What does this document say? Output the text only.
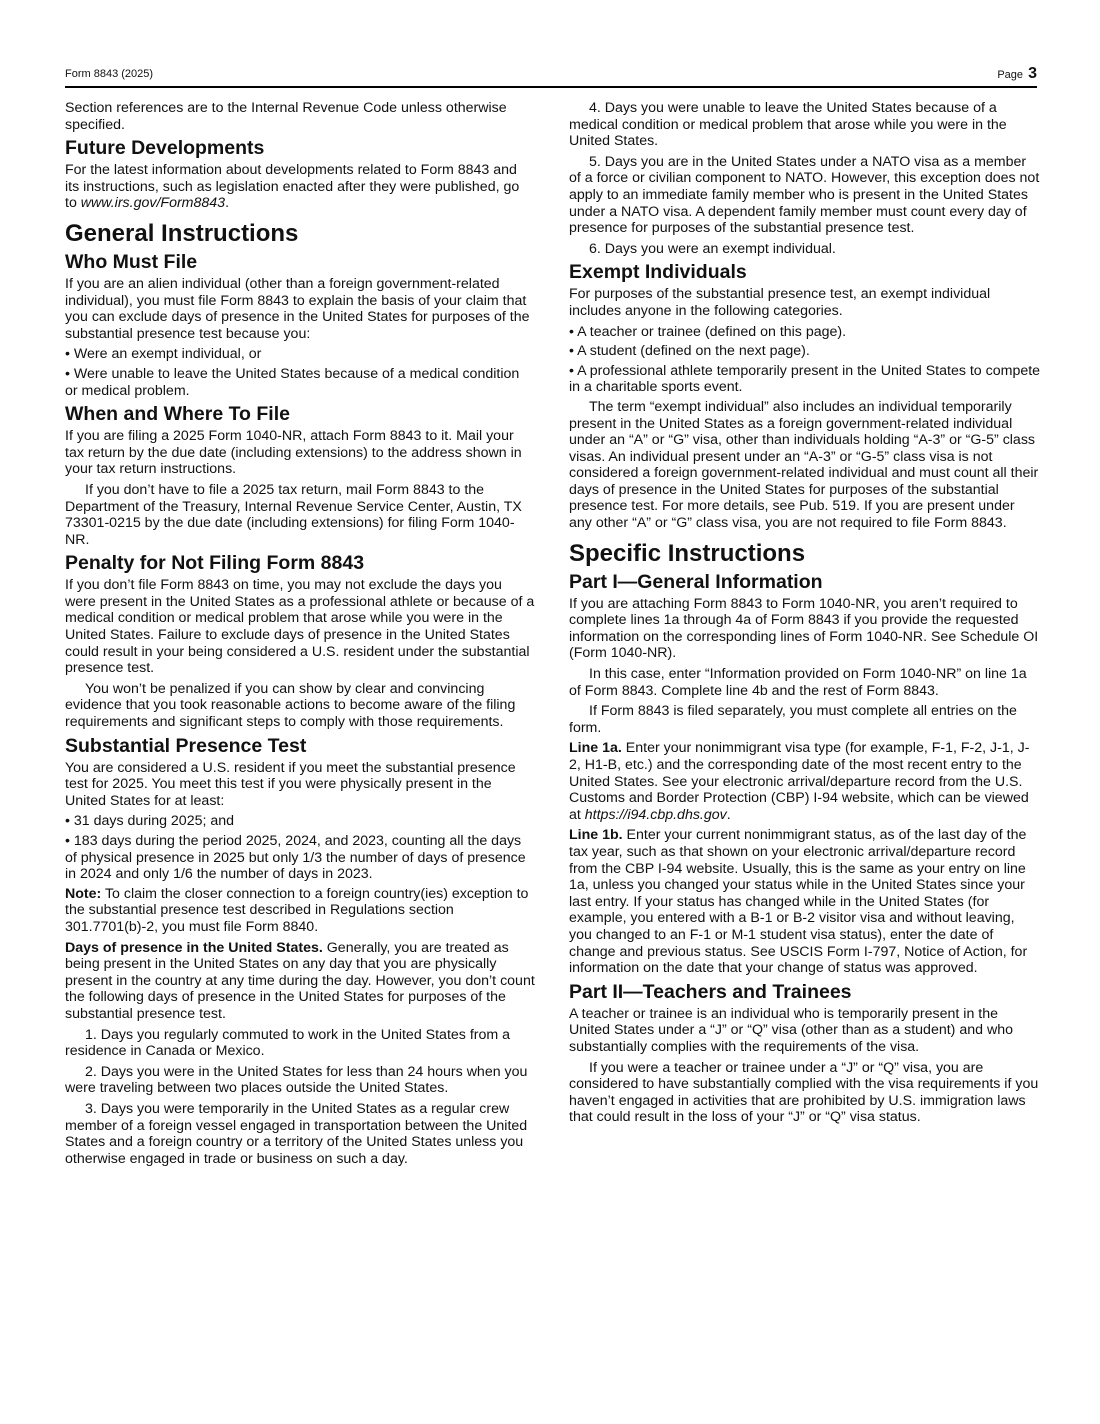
Form 8843 (2025)	Page 3

Section references are to the Internal Revenue Code unless otherwise specified.

Future Developments

For the latest information about developments related to Form 8843 and its instructions, such as legislation enacted after they were published, go to www.irs.gov/Form8843.

General Instructions
Who Must File

If you are an alien individual (other than a foreign government-related individual), you must file Form 8843 to explain the basis of your claim that you can exclude days of presence in the United States for purposes of the substantial presence test because you:

• Were an exempt individual, or

• Were unable to leave the United States because of a medical condition or medical problem.

When and Where To File

If you are filing a 2025 Form 1040-NR, attach Form 8843 to it. Mail your tax return by the due date (including extensions) to the address shown in your tax return instructions.

If you don’t have to file a 2025 tax return, mail Form 8843 to the Department of the Treasury, Internal Revenue Service Center, Austin, TX 73301-0215 by the due date (including extensions) for filing Form 1040-NR.

Penalty for Not Filing Form 8843

If you don’t file Form 8843 on time, you may not exclude the days you were present in the United States as a professional athlete or because of a medical condition or medical problem that arose while you were in the United States. Failure to exclude days of presence in the United States could result in your being considered a U.S. resident under the substantial presence test.

You won’t be penalized if you can show by clear and convincing evidence that you took reasonable actions to become aware of the filing requirements and significant steps to comply with those requirements.

Substantial Presence Test

You are considered a U.S. resident if you meet the substantial presence test for 2025. You meet this test if you were physically present in the United States for at least:

• 31 days during 2025; and

• 183 days during the period 2025, 2024, and 2023, counting all the days of physical presence in 2025 but only 1/3 the number of days of presence in 2024 and only 1/6 the number of days in 2023.

Note: To claim the closer connection to a foreign country(ies) exception to the substantial presence test described in Regulations section 301.7701(b)-2, you must file Form 8840.

Days of presence in the United States. Generally, you are treated as being present in the United States on any day that you are physically present in the country at any time during the day. However, you don’t count the following days of presence in the United States for purposes of the substantial presence test.

1. Days you regularly commuted to work in the United States from a residence in Canada or Mexico.

2. Days you were in the United States for less than 24 hours when you were traveling between two places outside the United States.

3. Days you were temporarily in the United States as a regular crew member of a foreign vessel engaged in transportation between the United States and a foreign country or a territory of the United States unless you otherwise engaged in trade or business on such a day.

4. Days you were unable to leave the United States because of a medical condition or medical problem that arose while you were in the United States.

5. Days you are in the United States under a NATO visa as a member of a force or civilian component to NATO. However, this exception does not apply to an immediate family member who is present in the United States under a NATO visa. A dependent family member must count every day of presence for purposes of the substantial presence test.

6. Days you were an exempt individual.

Exempt Individuals

For purposes of the substantial presence test, an exempt individual includes anyone in the following categories.

• A teacher or trainee (defined on this page).

• A student (defined on the next page).

• A professional athlete temporarily present in the United States to compete in a charitable sports event.

The term “exempt individual” also includes an individual temporarily present in the United States as a foreign government-related individual under an “A” or “G” visa, other than individuals holding “A-3” or “G-5” class visas. An individual present under an “A-3” or “G-5” class visa is not considered a foreign government-related individual and must count all their days of presence in the United States for purposes of the substantial presence test. For more details, see Pub. 519. If you are present under any other “A” or “G” class visa, you are not required to file Form 8843.

Specific Instructions
Part I—General Information

If you are attaching Form 8843 to Form 1040-NR, you aren’t required to complete lines 1a through 4a of Form 8843 if you provide the requested information on the corresponding lines of Form 1040-NR. See Schedule OI (Form 1040-NR).

In this case, enter “Information provided on Form 1040-NR” on line 1a of Form 8843. Complete line 4b and the rest of Form 8843.

If Form 8843 is filed separately, you must complete all entries on the form.

Line 1a. Enter your nonimmigrant visa type (for example, F-1, F-2, J-1, J-2, H1-B, etc.) and the corresponding date of the most recent entry to the United States. See your electronic arrival/departure record from the U.S. Customs and Border Protection (CBP) I-94 website, which can be viewed at https://i94.cbp.dhs.gov.

Line 1b. Enter your current nonimmigrant status, as of the last day of the tax year, such as that shown on your electronic arrival/departure record from the CBP I-94 website. Usually, this is the same as your entry on line 1a, unless you changed your status while in the United States since your last entry. If your status has changed while in the United States (for example, you entered with a B-1 or B-2 visitor visa and without leaving, you changed to an F-1 or M-1 student visa status), enter the date of change and previous status. See USCIS Form I-797, Notice of Action, for information on the date that your change of status was approved.

Part II—Teachers and Trainees

A teacher or trainee is an individual who is temporarily present in the United States under a “J” or “Q” visa (other than as a student) and who substantially complies with the requirements of the visa.

If you were a teacher or trainee under a “J” or “Q” visa, you are considered to have substantially complied with the visa requirements if you haven’t engaged in activities that are prohibited by U.S. immigration laws that could result in the loss of your “J” or “Q” visa status.
